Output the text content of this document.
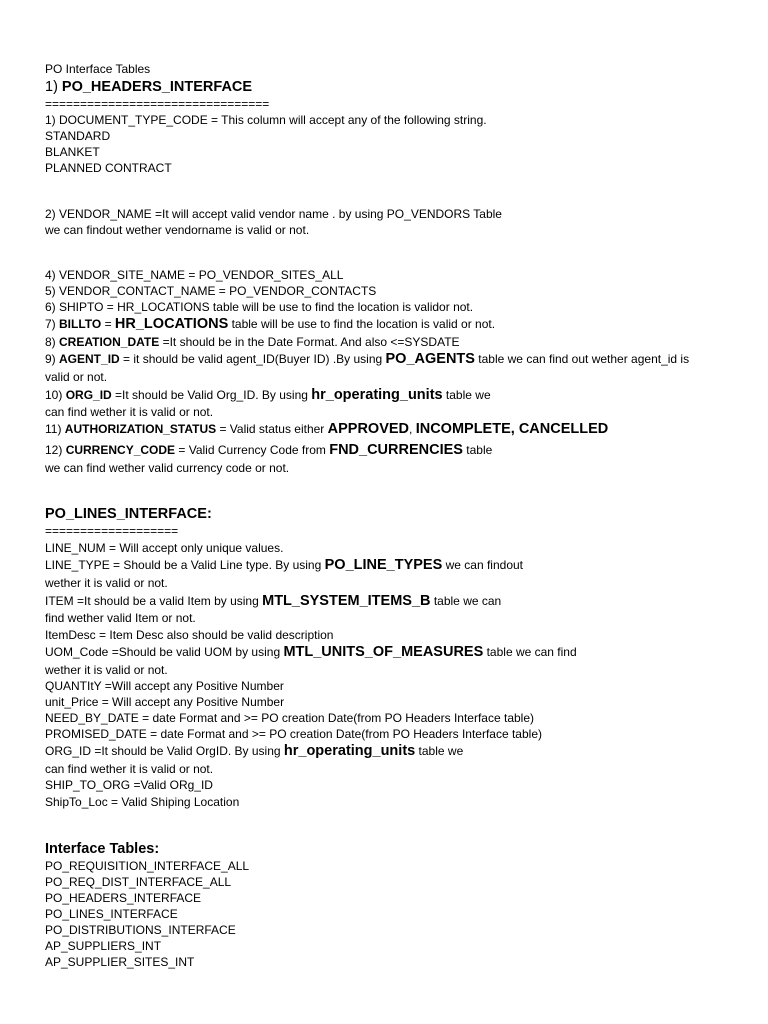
PO Interface Tables
1) PO_HEADERS_INTERFACE
================================
1) DOCUMENT_TYPE_CODE = This column will accept any of the following string.
STANDARD
BLANKET
PLANNED CONTRACT
2) VENDOR_NAME =It will accept valid vendor name . by using PO_VENDORS Table
we can findout wether vendorname is valid or not.
4) VENDOR_SITE_NAME = PO_VENDOR_SITES_ALL
5) VENDOR_CONTACT_NAME = PO_VENDOR_CONTACTS
6) SHIPTO = HR_LOCATIONS table will be use to find the location is validor not.
7) BILLTO = HR_LOCATIONS table will be use to find the location is valid or not.
8) CREATION_DATE =It should be in the Date Format. And also <=SYSDATE
9) AGENT_ID = it should be valid agent_ID(Buyer ID) .By using PO_AGENTS table we can find out wether agent_id is
valid or not.
10) ORG_ID =It should be Valid Org_ID. By using hr_operating_units table we
can find wether it is valid or not.
11) AUTHORIZATION_STATUS = Valid status either APPROVED, INCOMPLETE, CANCELLED
12) CURRENCY_CODE = Valid Currency Code from FND_CURRENCIES table
we can find wether valid currency code or not.
PO_LINES_INTERFACE:
===================
LINE_NUM = Will accept only unique values.
LINE_TYPE = Should be a Valid Line type. By using PO_LINE_TYPES we can findout
wether it is valid or not.
ITEM =It should be a valid Item by using MTL_SYSTEM_ITEMS_B table we can
find wether valid Item or not.
ItemDesc = Item Desc also should be valid description
UOM_Code =Should be valid UOM by using MTL_UNITS_OF_MEASURES table we can find
wether it is valid or not.
QUANTItY =Will accept any Positive Number
unit_Price = Will accept any Positive Number
NEED_BY_DATE = date Format and >= PO creation Date(from PO Headers Interface table)
PROMISED_DATE = date Format and >= PO creation Date(from PO Headers Interface table)
ORG_ID =It should be Valid OrgID. By using hr_operating_units table we
can find wether it is valid or not.
SHIP_TO_ORG =Valid ORg_ID
ShipTo_Loc = Valid Shiping Location
Interface Tables:
PO_REQUISITION_INTERFACE_ALL
PO_REQ_DIST_INTERFACE_ALL
PO_HEADERS_INTERFACE
PO_LINES_INTERFACE
PO_DISTRIBUTIONS_INTERFACE
AP_SUPPLIERS_INT
AP_SUPPLIER_SITES_INT
